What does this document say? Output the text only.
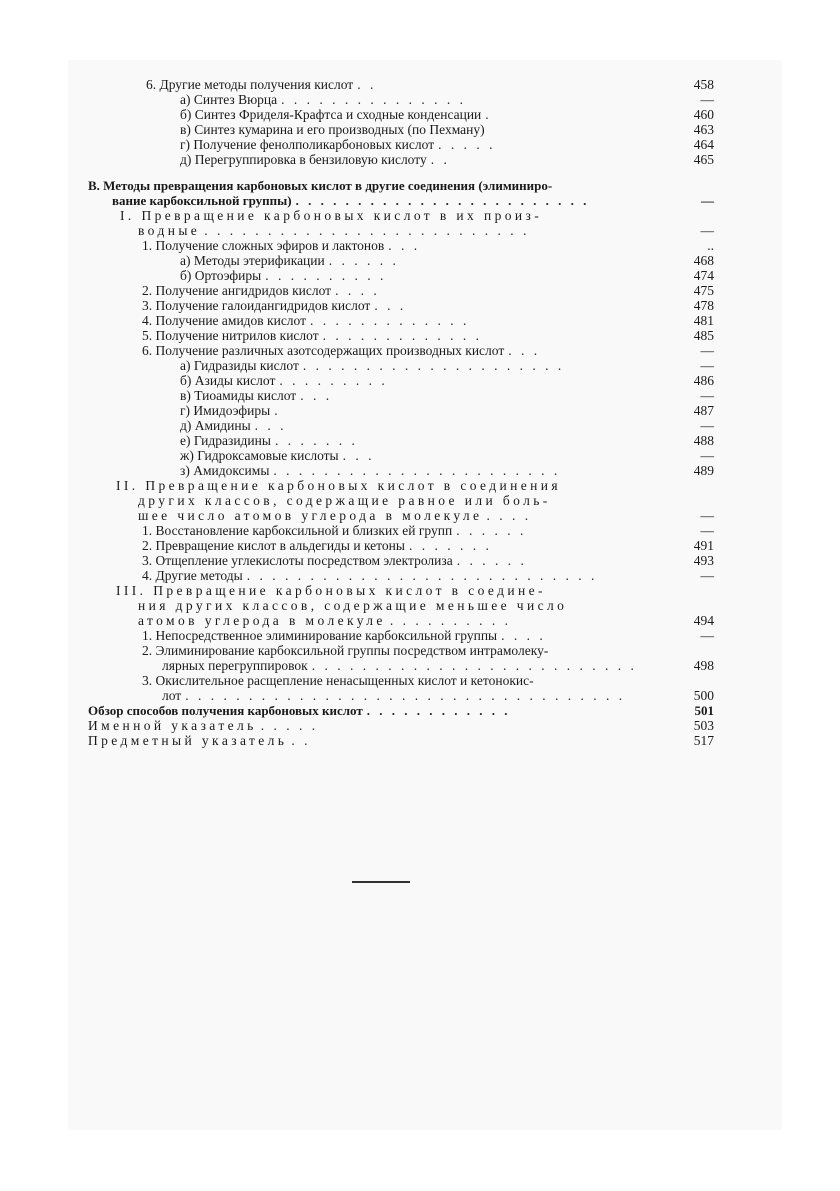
6. Другие методы получения кислот . .	458
а) Синтез Вюрца . . . . . . . . . . . . . . .	—
б) Синтез Фриделя-Крафтса и сходные конденсации .	460
в) Синтез кумарина и его производных (по Пехману)	463
г) Получение фенолполикарбоновых кислот . . . . .	464
д) Перегруппировка в бензиловую кислоту . .	465
В. Методы превращения карбоновых кислот в другие соединения (элиминиро-
вание карбоксильной группы) . . . . . . . . . . . . . . . . . . . . . . . .	—
I. Превращение карбоновых кислот в их произ-
водные . . . . . . . . . . . . . . . . . . . . . . . . . .	—
1. Получение сложных эфиров и лактонов . . .	..
а) Методы этерификации . . . . . .	468
б) Ортоэфиры . . . . . . . . . .	474
2. Получение ангидридов кислот . . . .	475
3. Получение галоидангидридов кислот . . .	478
4. Получение амидов кислот . . . . . . . . . . . . .	481
5. Получение нитрилов кислот . . . . . . . . . . . . .	485
6. Получение различных азотсодержащих производных кислот . . .	—
а) Гидразиды кислот . . . . . . . . . . . . . . . . . . . . .	—
б) Азиды кислот . . . . . . . . .	486
в) Тиоамиды кислот . . .	—
г) Имидоэфиры .	487
д) Амидины . . .	—
е) Гидразидины . . . . . . .	488
ж) Гидроксамовые кислоты . . .	—
з) Амидоксимы . . . . . . . . . . . . . . . . . . . . . . .	489
II. Превращение карбоновых кислот в соединения
других классов, содержащие равное или боль-
шее число атомов углерода в молекуле . . . .	—
1. Восстановление карбоксильной и близких ей групп . . . . . .	—
2. Превращение кислот в альдегиды и кетоны . . . . . . .	491
3. Отщепление углекислоты посредством электролиза . . . . . .	493
4. Другие методы . . . . . . . . . . . . . . . . . . . . . . . . . . . .	—
III. Превращение карбоновых кислот в соедине-
ния других классов, содержащие меньшее число
атомов углерода в молекуле . . . . . . . . . .	494
1. Непосредственное элиминирование карбоксильной группы . . . .	—
2. Элиминирование карбоксильной группы посредством интрамолеку-
лярных перегруппировок . . . . . . . . . . . . . . . . . . . . . . . . . .	498
3. Окислительное расщепление ненасыщенных кислот и кетонокис-
лот . . . . . . . . . . . . . . . . . . . . . . . . . . . . . . . . . . .	500
Обзор способов получения карбоновых кислот . . . . . . . . . . . .	501
Именной указатель . . . . .	503
Предметный указатель . .	517
